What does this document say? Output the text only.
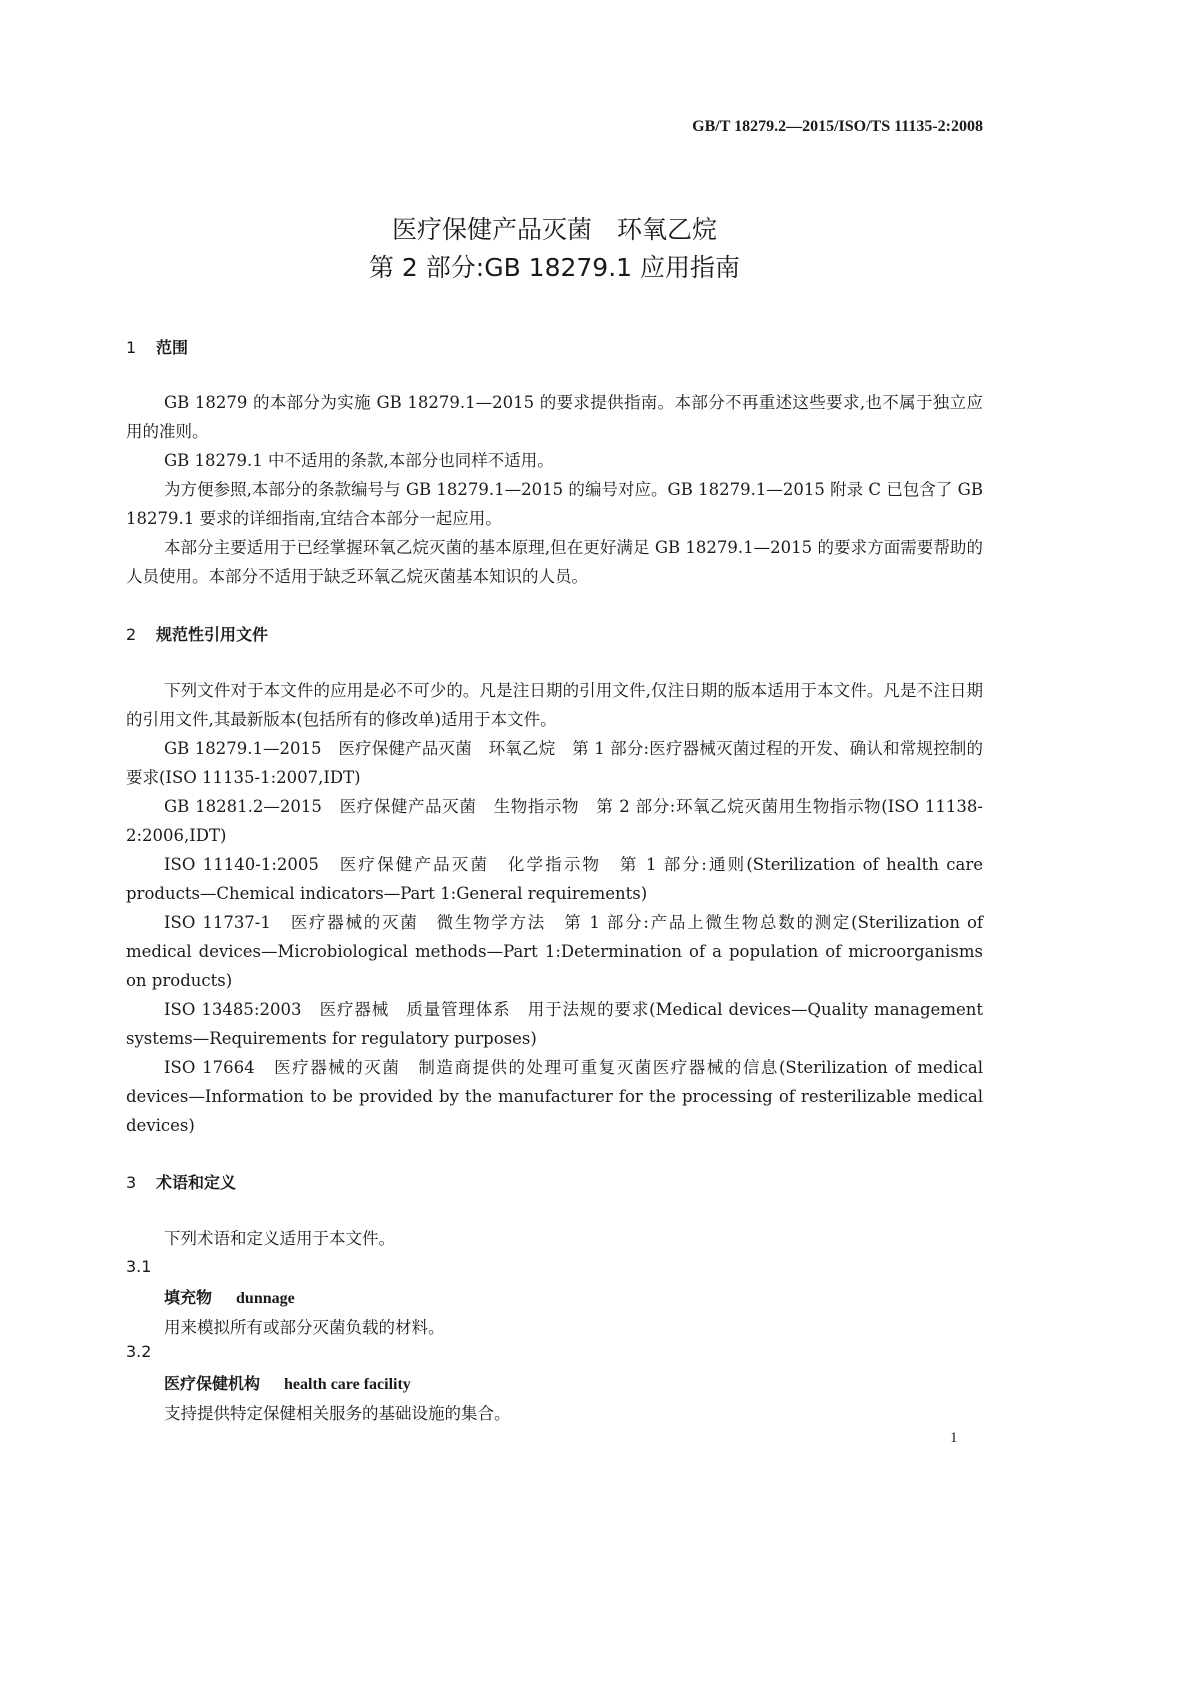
GB/T 18279.2—2015/ISO/TS 11135-2:2008
医疗保健产品灭菌　环氧乙烷
第 2 部分:GB 18279.1 应用指南
1 范围

GB 18279 的本部分为实施 GB 18279.1—2015 的要求提供指南。本部分不再重述这些要求,也不属于独立应用的准则。

GB 18279.1 中不适用的条款,本部分也同样不适用。

为方便参照,本部分的条款编号与 GB 18279.1—2015 的编号对应。GB 18279.1—2015 附录 C 已包含了 GB 18279.1 要求的详细指南,宜结合本部分一起应用。

本部分主要适用于已经掌握环氧乙烷灭菌的基本原理,但在更好满足 GB 18279.1—2015 的要求方面需要帮助的人员使用。本部分不适用于缺乏环氧乙烷灭菌基本知识的人员。

2 规范性引用文件

下列文件对于本文件的应用是必不可少的。凡是注日期的引用文件,仅注日期的版本适用于本文件。凡是不注日期的引用文件,其最新版本(包括所有的修改单)适用于本文件。

GB 18279.1—2015　医疗保健产品灭菌　环氧乙烷　第 1 部分:医疗器械灭菌过程的开发、确认和常规控制的要求(ISO 11135-1:2007,IDT)

GB 18281.2—2015　医疗保健产品灭菌　生物指示物　第 2 部分:环氧乙烷灭菌用生物指示物(ISO 11138-2:2006,IDT)

ISO 11140-1:2005　医疗保健产品灭菌　化学指示物　第 1 部分:通则(Sterilization of health care products—Chemical indicators—Part 1:General requirements)

ISO 11737-1　医疗器械的灭菌　微生物学方法　第 1 部分:产品上微生物总数的测定(Sterilization of medical devices—Microbiological methods—Part 1:Determination of a population of microorganisms on products)

ISO 13485:2003　医疗器械　质量管理体系　用于法规的要求(Medical devices—Quality management systems—Requirements for regulatory purposes)

ISO 17664　医疗器械的灭菌　制造商提供的处理可重复灭菌医疗器械的信息(Sterilization of medical devices—Information to be provided by the manufacturer for the processing of resterilizable medical devices)

3 术语和定义

下列术语和定义适用于本文件。

3.1
填充物 dunnage
用来模拟所有或部分灭菌负载的材料。
3.2
医疗保健机构 health care facility
支持提供特定保健相关服务的基础设施的集合。
1
